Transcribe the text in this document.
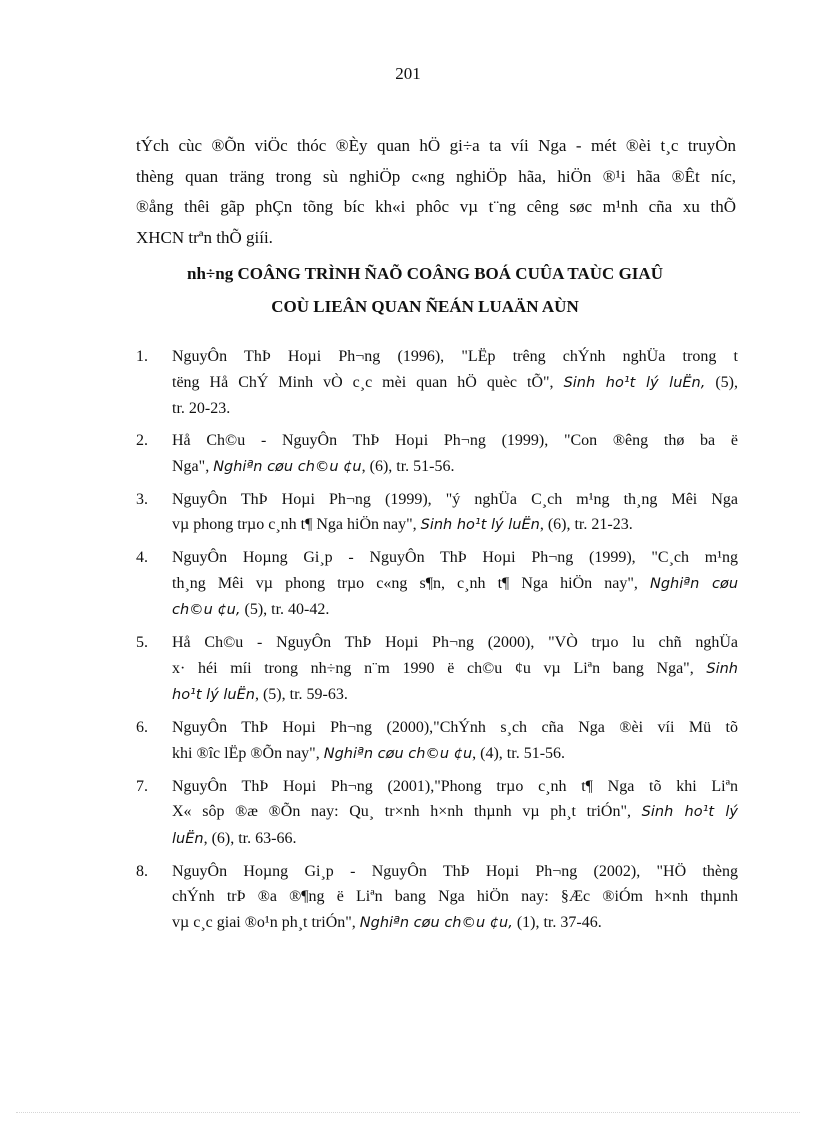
201

tÝch cùc ®Õn viÖc thóc ®Èy quan hÖ gi÷a ta víi Nga - mét ®èi t¸c truyÒn
thèng quan träng trong sù nghiÖp c«ng nghiÖp hãa, hiÖn ®¹i hãa ®Êt níc,
®ång thêi gãp phÇn tõng bíc kh«i phôc vµ t¨ng cêng søc m¹nh cña xu thÕ
XHCN trªn thÕ giíi.

nh÷ng COÂNG TRÌNH ÑAÕ COÂNG BOÁ CUÛA TAÙC GIAÛ
COÙ LIEÂN QUAN ÑEÁN LUAÄN AÙN
1.	NguyÔn ThÞ Hoµi Ph¬ng (1996), "LËp trêng chÝnh nghÜa trong t
tëng Hå ChÝ Minh vÒ c¸c mèi quan hÖ quèc tÕ", Sinh ho¹t lý luËn, (5),
tr. 20-23.
2.	Hå Ch©u - NguyÔn ThÞ Hoµi Ph¬ng (1999), "Con ®êng thø ba ë
Nga", Nghiªn cøu ch©u ¢u, (6), tr. 51-56.
3.	NguyÔn ThÞ Hoµi Ph¬ng (1999), "ý nghÜa C¸ch m¹ng th¸ng Mêi Nga
vµ phong trµo c¸nh t¶ Nga hiÖn nay", Sinh ho¹t lý luËn, (6), tr. 21-23.
4.	NguyÔn Hoµng Gi¸p - NguyÔn ThÞ Hoµi Ph¬ng (1999), "C¸ch m¹ng
th¸ng Mêi vµ phong trµo c«ng s¶n, c¸nh t¶ Nga hiÖn nay", Nghiªn cøu
ch©u ¢u, (5), tr. 40-42.
5.	Hå Ch©u - NguyÔn ThÞ Hoµi Ph¬ng (2000), "VÒ trµo lu chñ nghÜa
x· héi míi trong nh÷ng n¨m 1990 ë ch©u ¢u vµ Liªn bang Nga", Sinh
ho¹t lý luËn, (5), tr. 59-63.
6.	NguyÔn ThÞ Hoµi Ph¬ng (2000),"ChÝnh s¸ch cña Nga ®èi víi Mü tõ
khi ®îc lËp ®Õn nay", Nghiªn cøu ch©u ¢u, (4), tr. 51-56.
7.	NguyÔn ThÞ Hoµi Ph¬ng (2001),"Phong trµo c¸nh t¶ Nga tõ khi Liªn
X« sôp ®æ ®Õn nay: Qu¸ tr×nh h×nh thµnh vµ ph¸t triÓn", Sinh ho¹t lý
luËn, (6), tr. 63-66.
8.	NguyÔn Hoµng Gi¸p - NguyÔn ThÞ Hoµi Ph¬ng (2002), "HÖ thèng
chÝnh trÞ ®a ®¶ng ë Liªn bang Nga hiÖn nay: §Æc ®iÓm h×nh thµnh
vµ c¸c giai ®o¹n ph¸t triÓn", Nghiªn cøu ch©u ¢u, (1), tr. 37-46.
